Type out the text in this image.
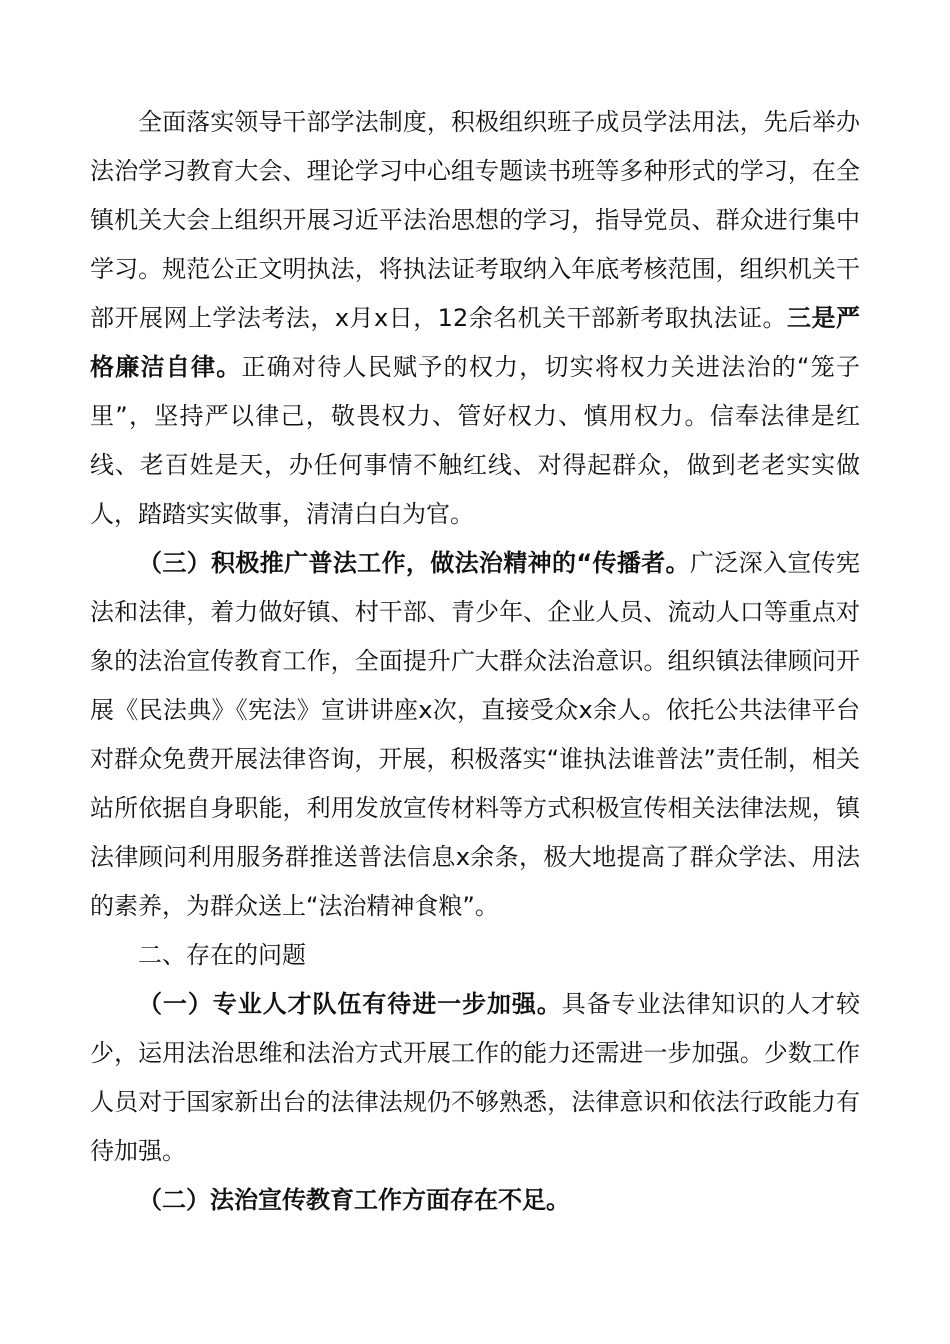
全面落实领导干部学法制度，积极组织班子成员学法用法，先后举办法治学习教育大会、理论学习中心组专题读书班等多种形式的学习，在全镇机关大会上组织开展习近平法治思想的学习，指导党员、群众进行集中学习。规范公正文明执法，将执法证考取纳入年底考核范围，组织机关干部开展网上学法考法，x月x日，12余名机关干部新考取执法证。三是严格廉洁自律。正确对待人民赋予的权力，切实将权力关进法治的“笼子里”，坚持严以律己，敬畏权力、管好权力、慎用权力。信奉法律是红线、老百姓是天，办任何事情不触红线、对得起群众，做到老老实实做人，踏踏实实做事，清清白白为官。

（三）积极推广普法工作，做法治精神的“传播者。广泛深入宣传宪法和法律，着力做好镇、村干部、青少年、企业人员、流动人口等重点对象的法治宣传教育工作，全面提升广大群众法治意识。组织镇法律顾问开展《民法典》《宪法》宣讲讲座x次，直接受众x余人。依托公共法律平台对群众免费开展法律咨询，开展，积极落实“谁执法谁普法”责任制，相关站所依据自身职能，利用发放宣传材料等方式积极宣传相关法律法规，镇法律顾问利用服务群推送普法信息x余条，极大地提高了群众学法、用法的素养，为群众送上“法治精神食粮”。

二、存在的问题

（一）专业人才队伍有待进一步加强。具备专业法律知识的人才较少，运用法治思维和法治方式开展工作的能力还需进一步加强。少数工作人员对于国家新出台的法律法规仍不够熟悉，法律意识和依法行政能力有待加强。

（二）法治宣传教育工作方面存在不足。
